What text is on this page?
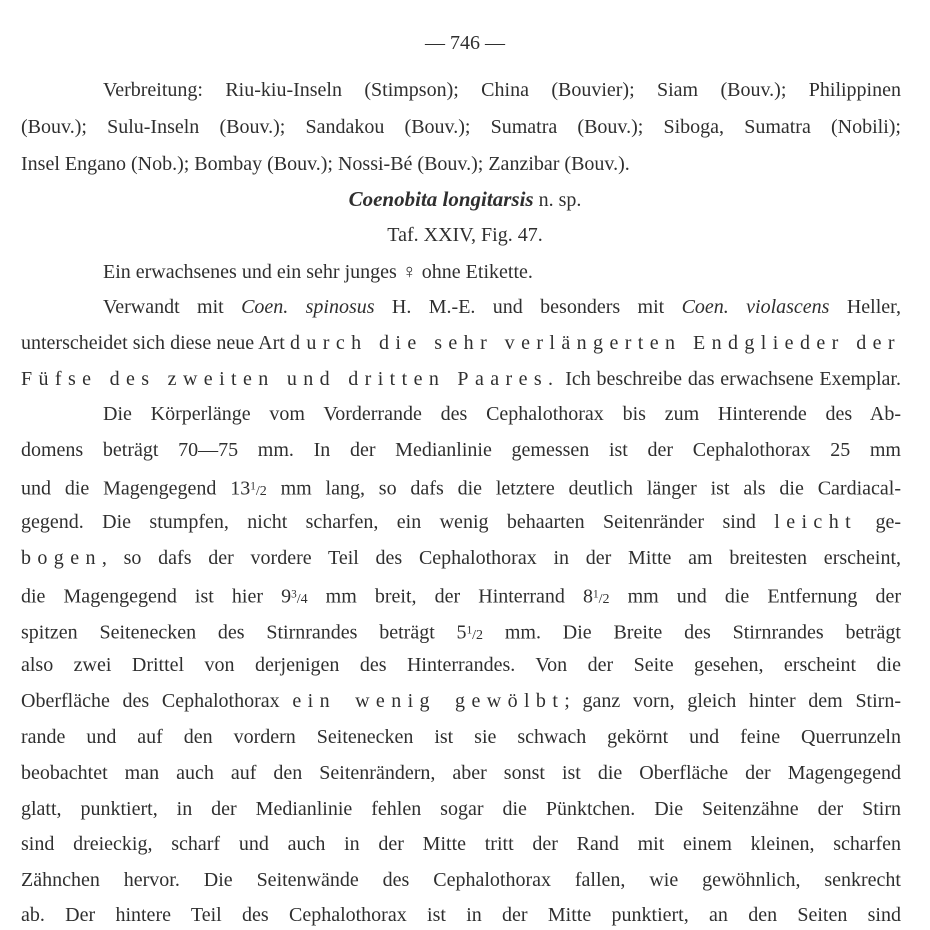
— 746 —
Verbreitung: Riu-kiu-Inseln (Stimpson); China (Bouvier); Siam (Bouv.); Philippinen
(Bouv.); Sulu-Inseln (Bouv.); Sandakou (Bouv.); Sumatra (Bouv.); Siboga, Sumatra (Nobili);
Insel Engano (Nob.); Bombay (Bouv.); Nossi-Bé (Bouv.); Zanzibar (Bouv.).
Coenobita longitarsis n. sp.
Taf. XXIV, Fig. 47.
Ein erwachsenes und ein sehr junges ♀ ohne Etikette.
Verwandt mit Coen. spinosus H. M.-E. und besonders mit Coen. violascens Heller,
unterscheidet sich diese neue Art durch die sehr verlängerten Endglieder der
Füfse des zweiten und dritten Paares. Ich beschreibe das erwachsene Exemplar.
Die Körperlänge vom Vorderrande des Cephalothorax bis zum Hinterende des Ab-
domens beträgt 70—75 mm. In der Medianlinie gemessen ist der Cephalothorax 25 mm
und die Magengegend $13^1/2$ mm lang, so dafs die letztere deutlich länger ist als die Cardiacal-
gegend. Die stumpfen, nicht scharfen, ein wenig behaarten Seitenränder sind leicht ge-
bogen, so dafs der vordere Teil des Cephalothorax in der Mitte am breitesten erscheint,
die Magengegend ist hier $9^3/4$ mm breit, der Hinterrand $8^1/2$ mm und die Entfernung der
spitzen Seitenecken des Stirnrandes beträgt $5^1/2$ mm. Die Breite des Stirnrandes beträgt
also zwei Drittel von derjenigen des Hinterrandes. Von der Seite gesehen, erscheint die
Oberfläche des Cephalothorax ein wenig gewölbt; ganz vorn, gleich hinter dem Stirn-
rande und auf den vordern Seitenecken ist sie schwach gekörnt und feine Querrunzeln
beobachtet man auch auf den Seitenrändern, aber sonst ist die Oberfläche der Magengegend
glatt, punktiert, in der Medianlinie fehlen sogar die Pünktchen. Die Seitenzähne der Stirn
sind dreieckig, scharf und auch in der Mitte tritt der Rand mit einem kleinen, scharfen
Zähnchen hervor. Die Seitenwände des Cephalothorax fallen, wie gewöhnlich, senkrecht
ab. Der hintere Teil des Cephalothorax ist in der Mitte punktiert, an den Seiten sind
